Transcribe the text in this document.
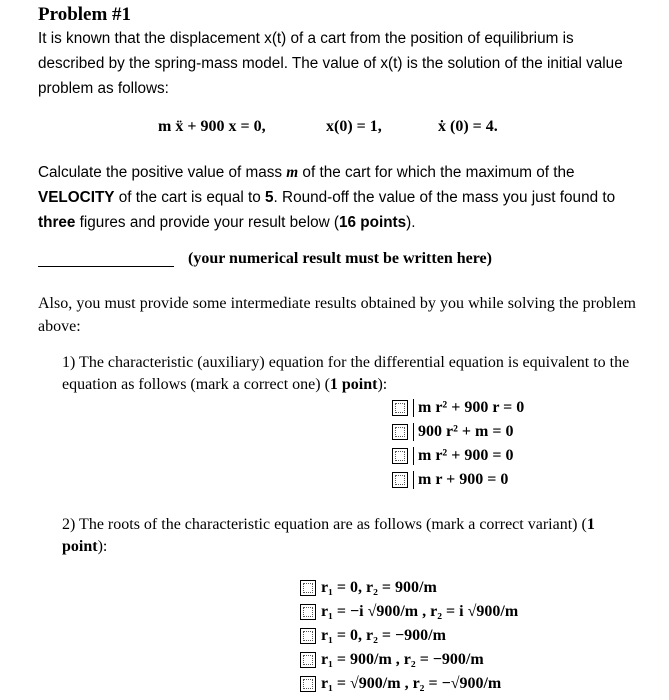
Problem #1
It is known that the displacement x(t) of a cart from the position of equilibrium is described by the spring-mass model. The value of x(t) is the solution of the initial value problem as follows:
m ẍ + 900 x = 0,	x(0) = 1,	ẋ (0) = 4.
Calculate the positive value of mass m of the cart for which the maximum of the VELOCITY of the cart is equal to 5. Round-off the value of the mass you just found to three figures and provide your result below (16 points).
(your numerical result must be written here)
Also, you must provide some intermediate results obtained by you while solving the problem above:
1) The characteristic (auxiliary) equation for the differential equation is equivalent to the equation as follows (mark a correct one) (1 point):
m r² + 900 r = 0
900 r² + m = 0
m r² + 900 = 0
m r + 900 = 0
2) The roots of the characteristic equation are as follows (mark a correct variant) (1 point):
r₁ = 0, r₂ = 900/m
r₁ = −i √900/m , r₂ = i √900/m
r₁ = 0, r₂ = −900/m
r₁ = 900/m , r₂ = −900/m
r₁ = √900/m , r₂ = −√900/m
